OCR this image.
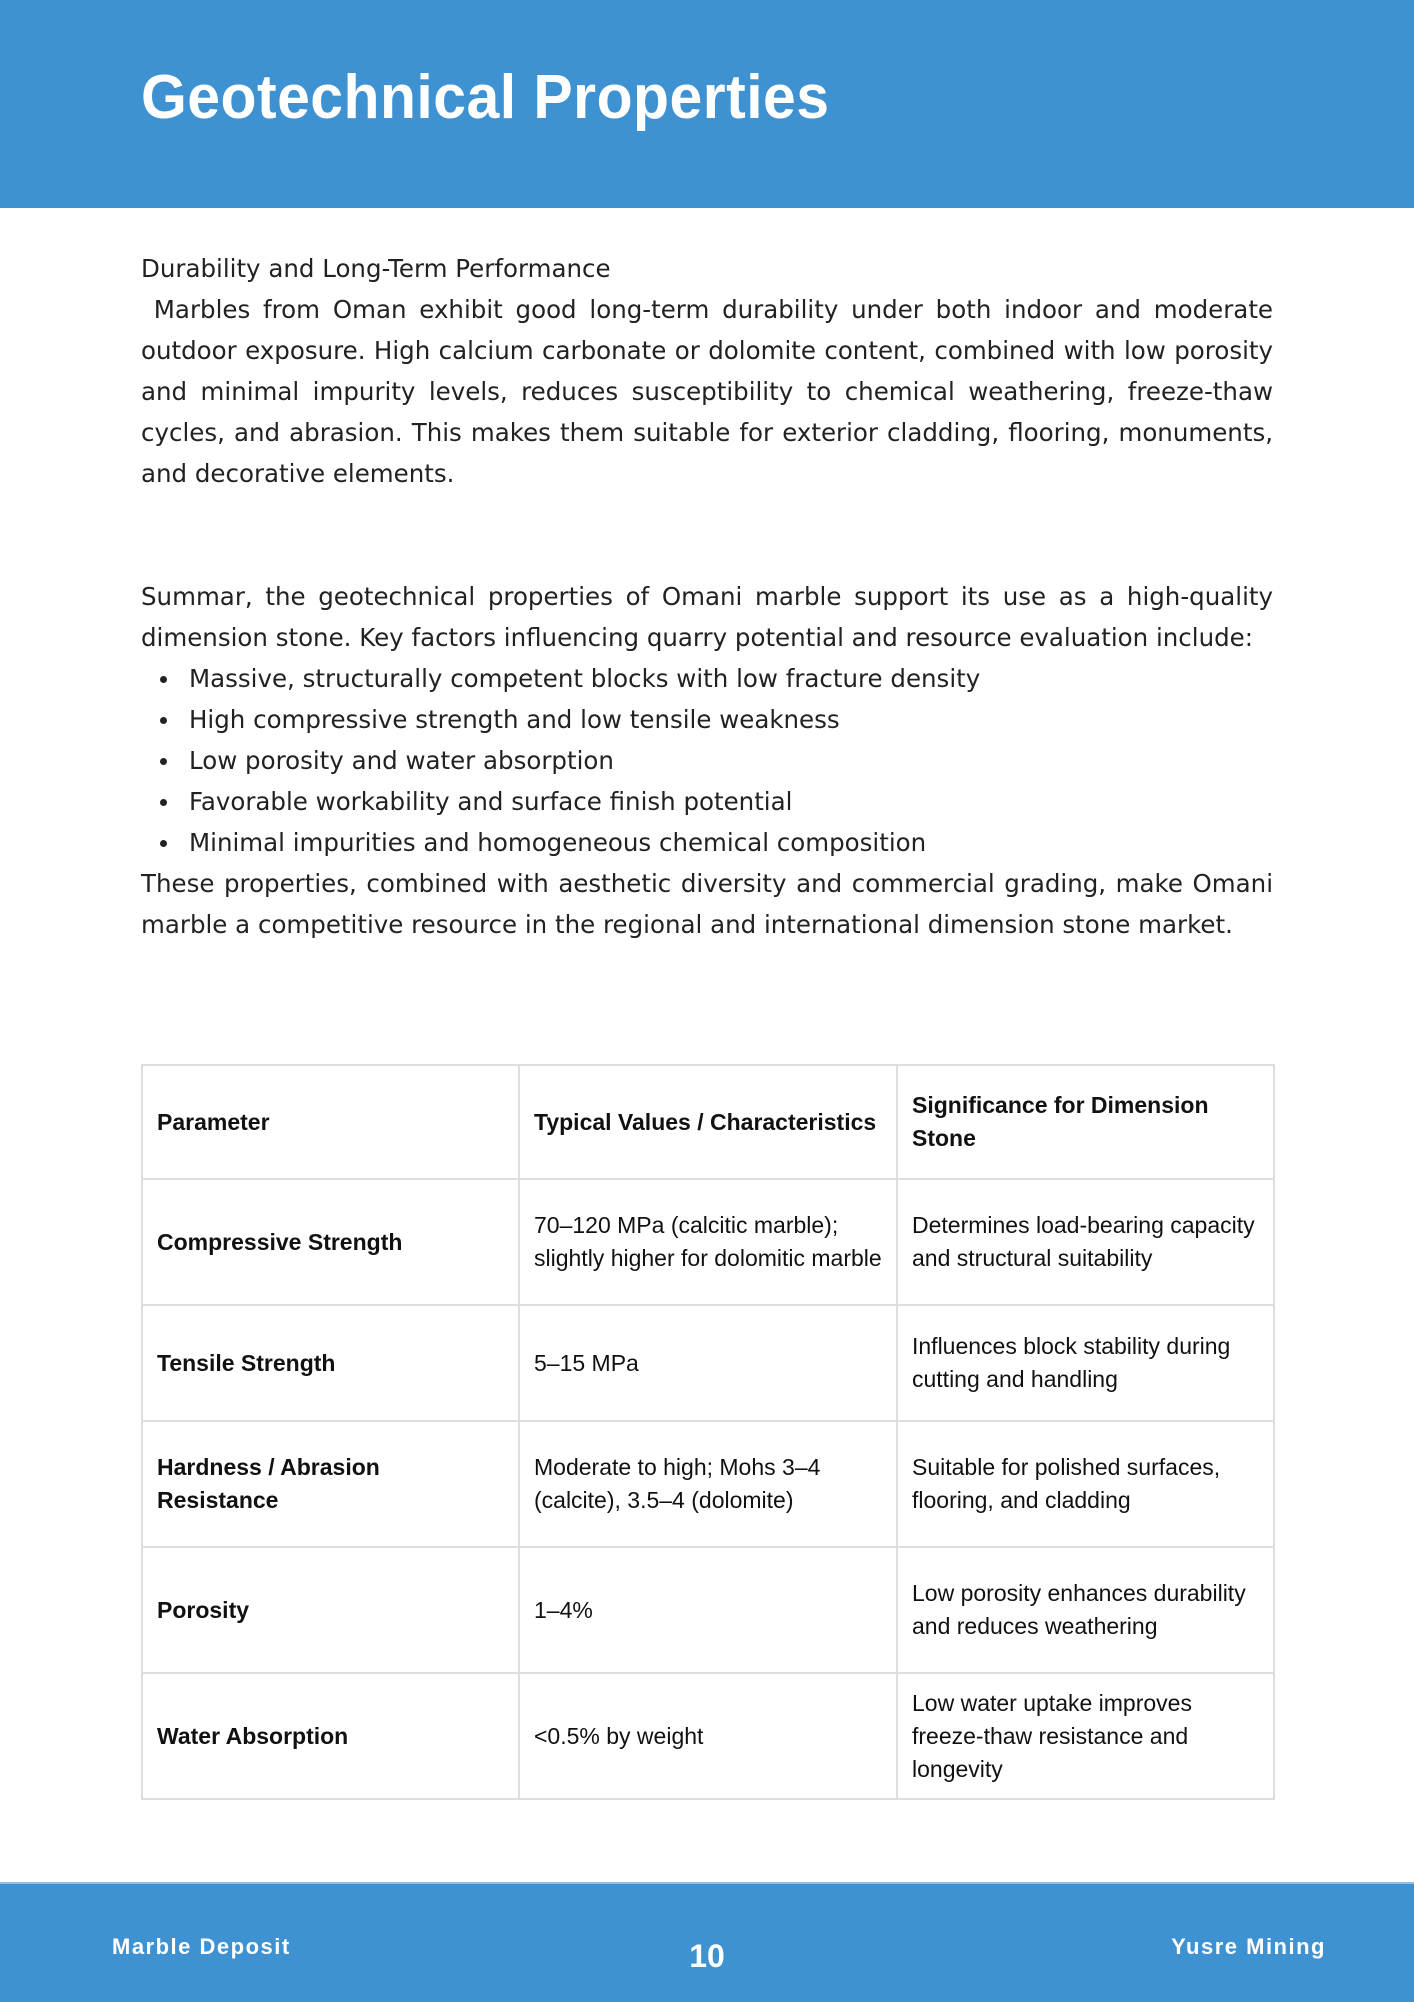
Geotechnical Properties
Durability and Long-Term Performance

Marbles from Oman exhibit good long-term durability under both indoor and moderate outdoor exposure. High calcium carbonate or dolomite content, combined with low porosity and minimal impurity levels, reduces susceptibility to chemical weathering, freeze-thaw cycles, and abrasion. This makes them suitable for exterior cladding, flooring, monuments, and decorative elements.

Summar, the geotechnical properties of Omani marble support its use as a high-quality dimension stone. Key factors influencing quarry potential and resource evaluation include:

Massive, structurally competent blocks with low fracture density
High compressive strength and low tensile weakness
Low porosity and water absorption
Favorable workability and surface finish potential
Minimal impurities and homogeneous chemical composition

These properties, combined with aesthetic diversity and commercial grading, make Omani marble a competitive resource in the regional and international dimension stone market.

Parameter	Typical Values / Characteristics	Significance for Dimension Stone
Compressive Strength	70–120 MPa (calcitic marble); slightly higher for dolomitic marble	Determines load-bearing capacity and structural suitability
Tensile Strength	5–15 MPa	Influences block stability during cutting and handling
Hardness / Abrasion Resistance	Moderate to high; Mohs 3–4 (calcite), 3.5–4 (dolomite)	Suitable for polished surfaces, flooring, and cladding
Porosity	1–4%	Low porosity enhances durability and reduces weathering
Water Absorption	<0.5% by weight	Low water uptake improves freeze-thaw resistance and longevity
Marble Deposit	10	Yusre Mining
